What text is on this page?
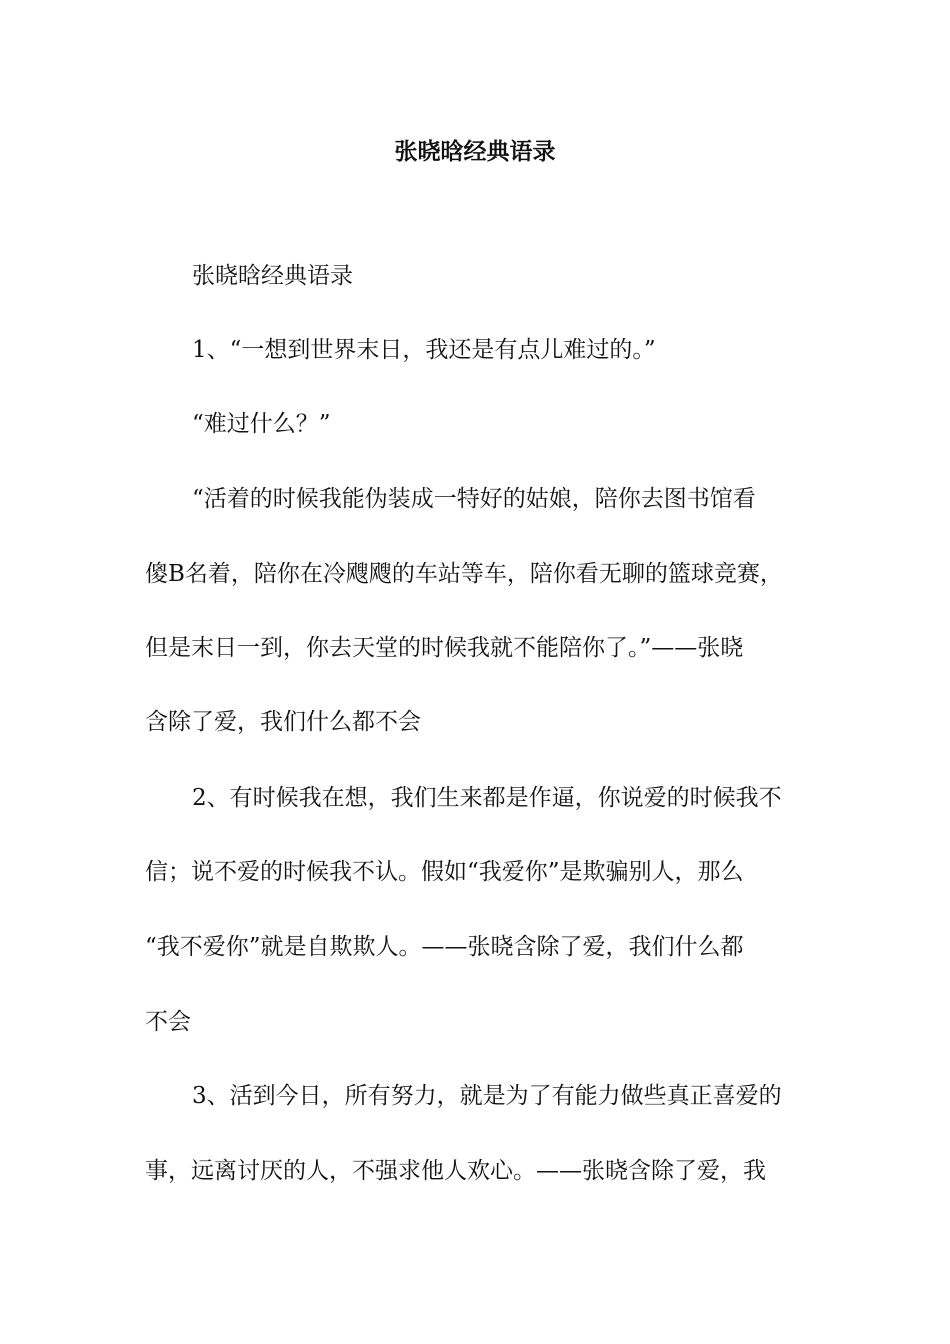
张晓晗经典语录
张晓晗经典语录
1、“一想到世界末日，我还是有点儿难过的。”
“难过什么？”
“活着的时候我能伪装成一特好的姑娘，陪你去图书馆看
傻B名着，陪你在冷飕飕的车站等车，陪你看无聊的篮球竞赛，
但是末日一到，你去天堂的时候我就不能陪你了。”——张晓
含除了爱，我们什么都不会
2、有时候我在想，我们生来都是作逼，你说爱的时候我不
信；说不爱的时候我不认。假如“我爱你”是欺骗别人，那么
“我不爱你”就是自欺欺人。——张晓含除了爱，我们什么都
不会
3、活到今日，所有努力，就是为了有能力做些真正喜爱的
事，远离讨厌的人，不强求他人欢心。——张晓含除了爱，我
